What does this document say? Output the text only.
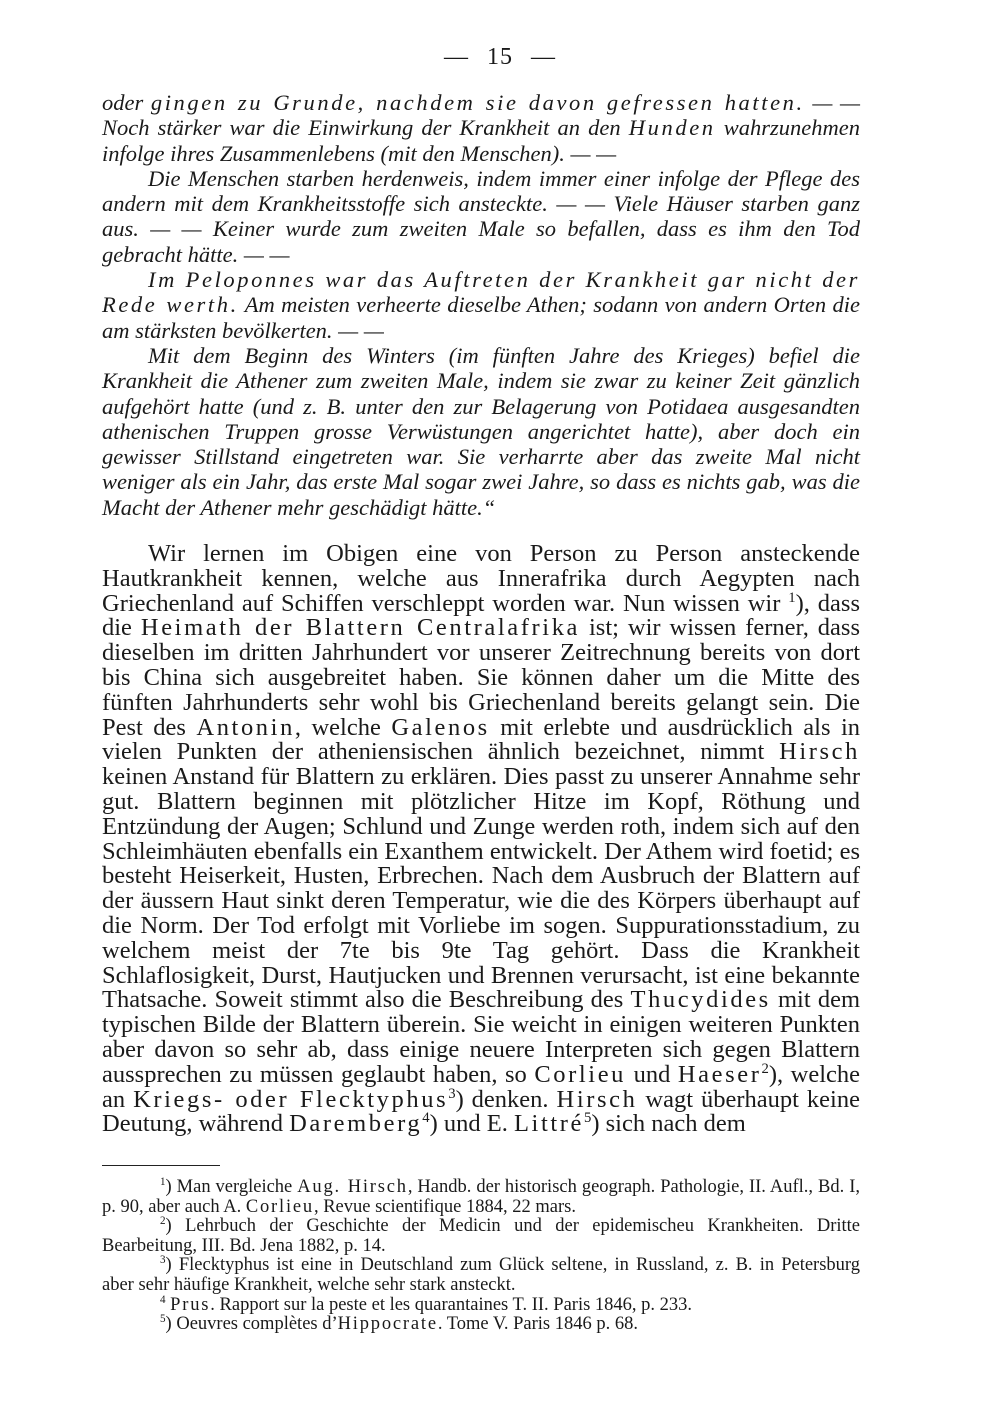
— 15 —

oder gingen zu Grunde, nachdem sie davon gefressen hatten. — — Noch stärker war die Einwirkung der Krankheit an den Hunden wahrzunehmen infolge ihres Zusammenlebens (mit den Menschen). — —

Die Menschen starben herdenweis, indem immer einer infolge der Pflege des andern mit dem Krankheitsstoffe sich ansteckte. — — Viele Häuser starben ganz aus. — — Keiner wurde zum zweiten Male so befallen, dass es ihm den Tod gebracht hätte. — —

Im Peloponnes war das Auftreten der Krankheit gar nicht der Rede werth. Am meisten verheerte dieselbe Athen; sodann von andern Orten die am stärksten bevölkerten. — —

Mit dem Beginn des Winters (im fünften Jahre des Krieges) befiel die Krankheit die Athener zum zweiten Male, indem sie zwar zu keiner Zeit gänzlich aufgehört hatte (und z. B. unter den zur Belagerung von Potidaea ausgesandten athenischen Truppen grosse Verwüstungen angerichtet hatte), aber doch ein gewisser Stillstand eingetreten war. Sie verharrte aber das zweite Mal nicht weniger als ein Jahr, das erste Mal sogar zwei Jahre, so dass es nichts gab, was die Macht der Athener mehr geschädigt hätte.“

Wir lernen im Obigen eine von Person zu Person ansteckende Hautkrankheit kennen, welche aus Innerafrika durch Aegypten nach Griechenland auf Schiffen verschleppt worden war. Nun wissen wir $^1$), dass die Heimath der Blattern Centralafrika ist; wir wissen ferner, dass dieselben im dritten Jahrhundert vor unserer Zeitrechnung bereits von dort bis China sich ausgebreitet haben. Sie können daher um die Mitte des fünften Jahrhunderts sehr wohl bis Griechenland bereits gelangt sein. Die Pest des Antonin, welche Galenos mit erlebte und ausdrücklich als in vielen Punkten der atheniensischen ähnlich bezeichnet, nimmt Hirsch keinen Anstand für Blattern zu erklären. Dies passt zu unserer Annahme sehr gut. Blattern beginnen mit plötzlicher Hitze im Kopf, Röthung und Entzündung der Augen; Schlund und Zunge werden roth, indem sich auf den Schleimhäuten ebenfalls ein Exanthem entwickelt. Der Athem wird foetid; es besteht Heiserkeit, Husten, Erbrechen. Nach dem Ausbruch der Blattern auf der äussern Haut sinkt deren Temperatur, wie die des Körpers überhaupt auf die Norm. Der Tod erfolgt mit Vorliebe im sogen. Suppurationsstadium, zu welchem meist der 7te bis 9te Tag gehört. Dass die Krankheit Schlaflosigkeit, Durst, Hautjucken und Brennen verursacht, ist eine bekannte Thatsache. Soweit stimmt also die Beschreibung des Thucydides mit dem typischen Bilde der Blattern überein. Sie weicht in einigen weiteren Punkten aber davon so sehr ab, dass einige neuere Interpreten sich gegen Blattern aussprechen zu müssen geglaubt haben, so Corlieu und Haeser$^2$), welche an Kriegs- oder Flecktyphus$^3$) denken. Hirsch wagt überhaupt keine Deutung, während Daremberg$^4$) und E. Littré$^5$) sich nach dem

$^1$) Man vergleiche Aug. Hirsch, Handb. der historisch geograph. Pathologie, II. Aufl., Bd. I, p. 90, aber auch A. Corlieu, Revue scientifique 1884, 22 mars.

$^2$) Lehrbuch der Geschichte der Medicin und der epidemischeu Krankheiten. Dritte Bearbeitung, III. Bd. Jena 1882, p. 14.

$^3$) Flecktyphus ist eine in Deutschland zum Glück seltene, in Russland, z. B. in Petersburg aber sehr häufige Krankheit, welche sehr stark ansteckt.

$^4$ Prus. Rapport sur la peste et les quarantaines T. II. Paris 1846, p. 233.

$^5$) Oeuvres complètes d’Hippocrate. Tome V. Paris 1846 p. 68.
